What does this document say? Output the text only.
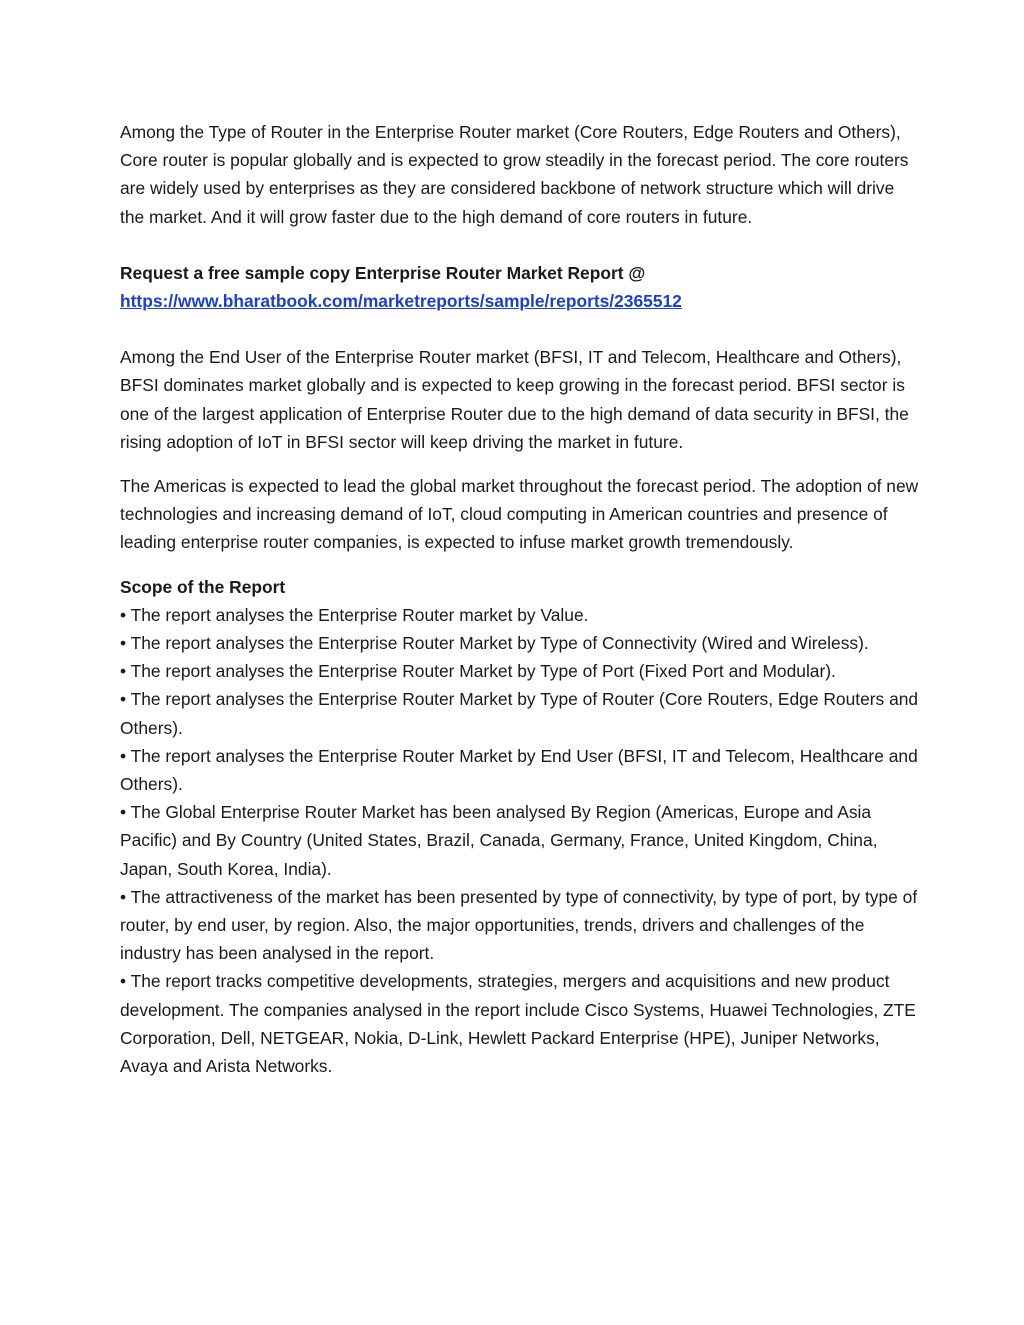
Among the Type of Router in the Enterprise Router market (Core Routers, Edge Routers and Others), Core router is popular globally and is expected to grow steadily in the forecast period. The core routers are widely used by enterprises as they are considered backbone of network structure which will drive the market. And it will grow faster due to the high demand of core routers in future.

Request a free sample copy Enterprise Router Market Report @

https://www.bharatbook.com/marketreports/sample/reports/2365512

Among the End User of the Enterprise Router market (BFSI, IT and Telecom, Healthcare and Others), BFSI dominates market globally and is expected to keep growing in the forecast period. BFSI sector is one of the largest application of Enterprise Router due to the high demand of data security in BFSI, the rising adoption of IoT in BFSI sector will keep driving the market in future.

The Americas is expected to lead the global market throughout the forecast period. The adoption of new technologies and increasing demand of IoT, cloud computing in American countries and presence of leading enterprise router companies, is expected to infuse market growth tremendously.

Scope of the Report

• The report analyses the Enterprise Router market by Value.

• The report analyses the Enterprise Router Market by Type of Connectivity (Wired and Wireless).

• The report analyses the Enterprise Router Market by Type of Port (Fixed Port and Modular).

• The report analyses the Enterprise Router Market by Type of Router (Core Routers, Edge Routers and Others).

• The report analyses the Enterprise Router Market by End User (BFSI, IT and Telecom, Healthcare and Others).

• The Global Enterprise Router Market has been analysed By Region (Americas, Europe and Asia Pacific) and By Country (United States, Brazil, Canada, Germany, France, United Kingdom, China, Japan, South Korea, India).

• The attractiveness of the market has been presented by type of connectivity, by type of port, by type of router, by end user, by region. Also, the major opportunities, trends, drivers and challenges of the industry has been analysed in the report.

• The report tracks competitive developments, strategies, mergers and acquisitions and new product development. The companies analysed in the report include Cisco Systems, Huawei Technologies, ZTE Corporation, Dell, NETGEAR, Nokia, D-Link, Hewlett Packard Enterprise (HPE), Juniper Networks, Avaya and Arista Networks.
